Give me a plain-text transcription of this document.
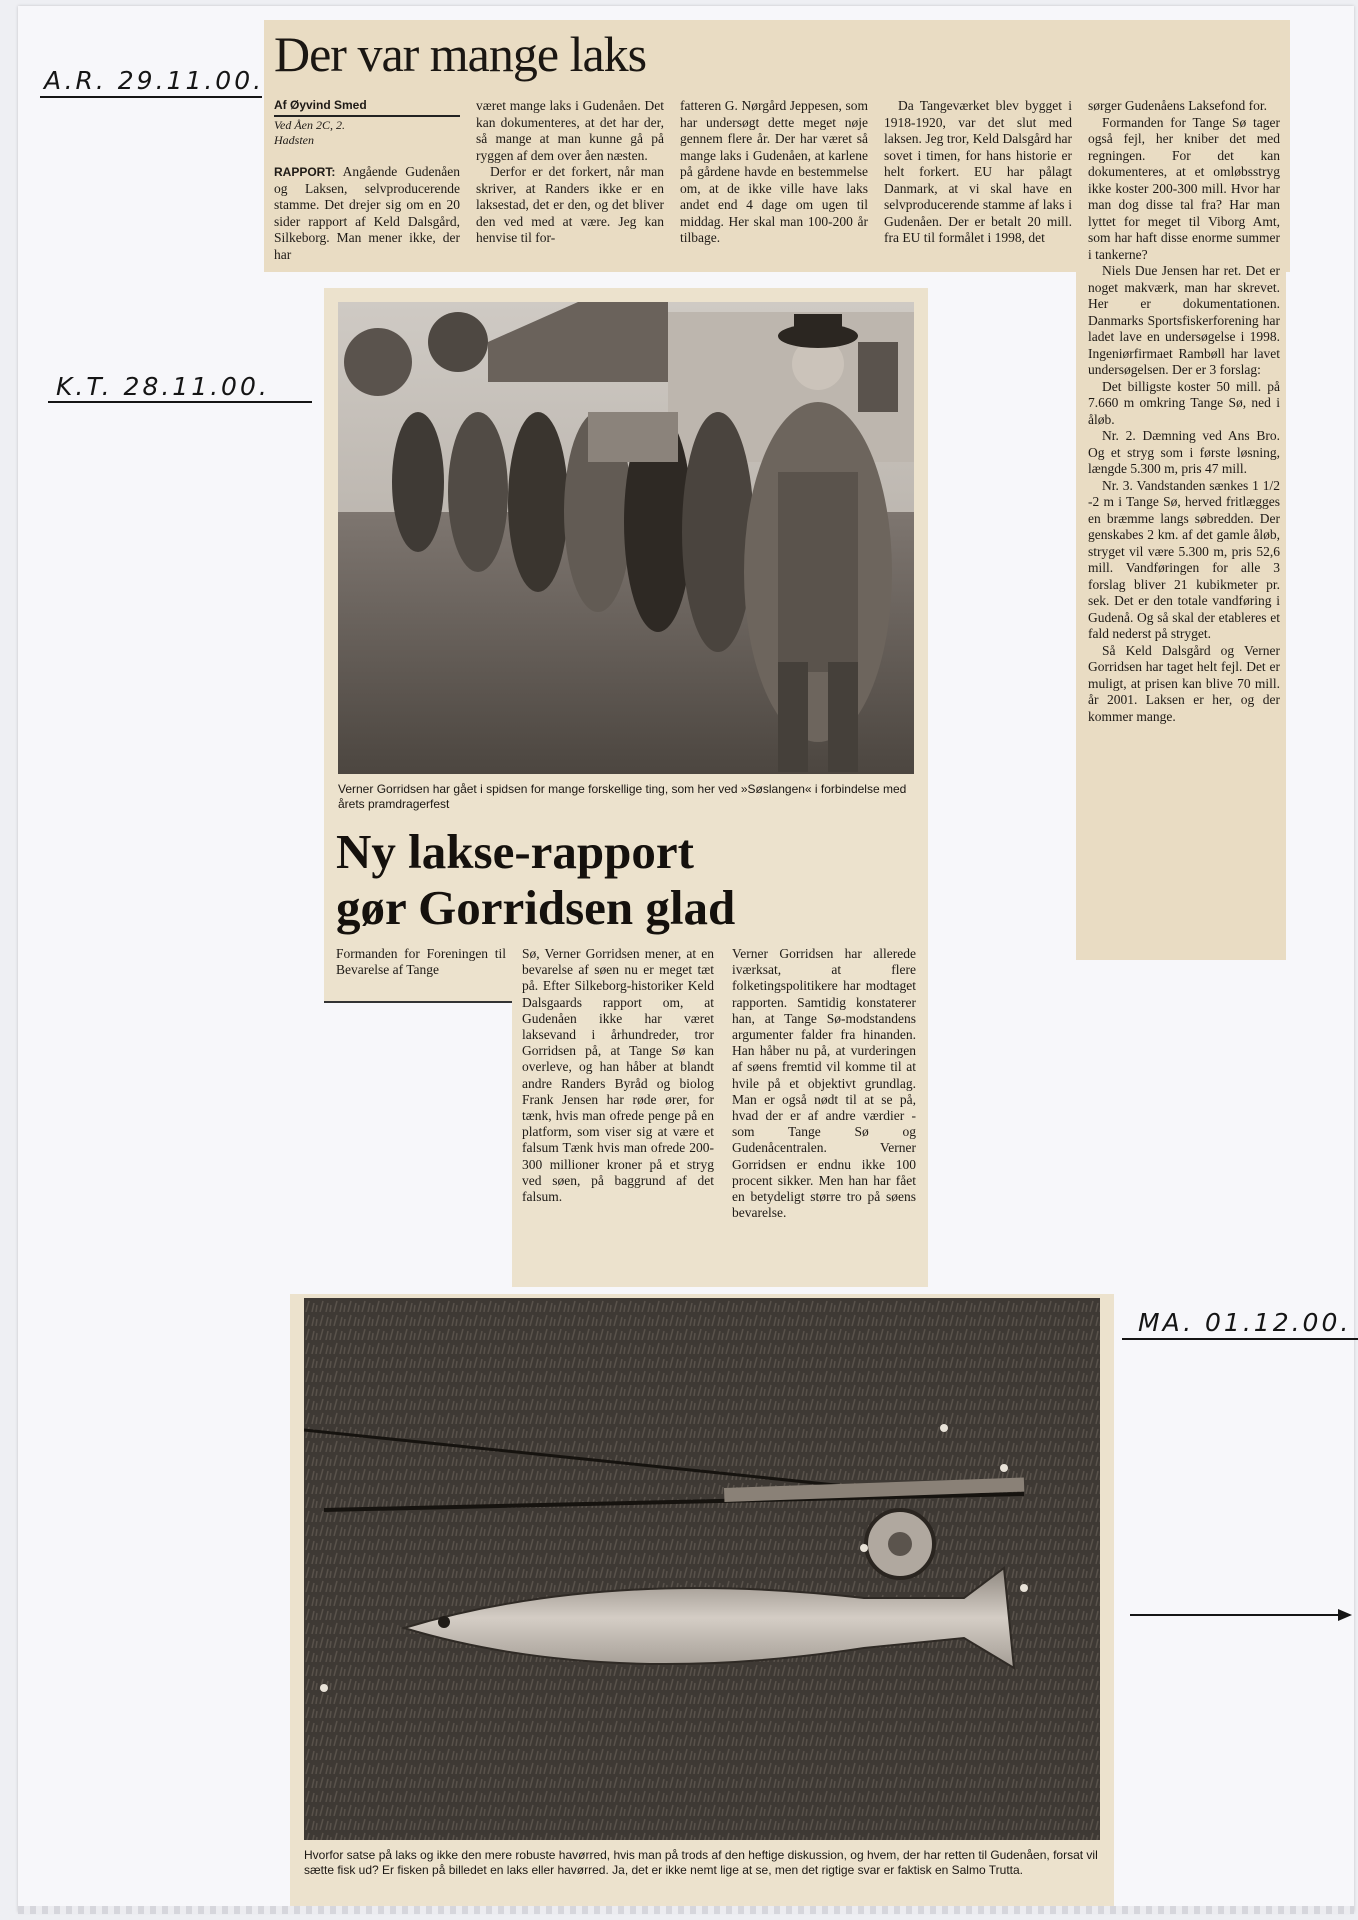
A.R. 29.11.00.
K.T. 28.11.00.
MA. 01.12.00.
Der var mange laks
Af Øyvind Smed
Ved Åen 2C, 2.
Hadsten

RAPPORT: Angående Gudenåen og Laksen, selvproducerende stamme. Det drejer sig om en 20 sider rapport af Keld Dalsgård, Silkeborg. Man mener ikke, der har

været mange laks i Gudenåen. Det kan dokumenteres, at det har der, så mange at man kunne gå på ryggen af dem over åen næsten.

Derfor er det forkert, når man skriver, at Randers ikke er en laksestad, det er den, og det bliver den ved med at være. Jeg kan henvise til for-

fatteren G. Nørgård Jeppesen, som har undersøgt dette meget nøje gennem flere år. Der har været så mange laks i Gudenåen, at karlene på gårdene havde en bestemmelse om, at de ikke ville have laks andet end 4 dage om ugen til middag. Her skal man 100-200 år tilbage.

Da Tangeværket blev bygget i 1918-1920, var det slut med laksen. Jeg tror, Keld Dalsgård har sovet i timen, for hans historie er helt forkert. EU har pålagt Danmark, at vi skal have en selvproducerende stamme af laks i Gudenåen. Der er betalt 20 mill. fra EU til formålet i 1998, det

sørger Gudenåens Laksefond for.

Formanden for Tange Sø tager også fejl, her kniber det med regningen. For det kan dokumenteres, at et omløbsstryg ikke koster 200-300 mill. Hvor har man dog disse tal fra? Har man lyttet for meget til Viborg Amt, som har haft disse enorme summer i tankerne?

Niels Due Jensen har ret. Det er noget makværk, man har skrevet. Her er dokumentationen. Danmarks Sportsfiskerforening har ladet lave en undersøgelse i 1998. Ingeniørfirmaet Rambøll har lavet undersøgelsen. Der er 3 forslag:

Det billigste koster 50 mill. på 7.660 m omkring Tange Sø, ned i åløb.

Nr. 2. Dæmning ved Ans Bro. Og et stryg som i første løsning, længde 5.300 m, pris 47 mill.

Nr. 3. Vandstanden sænkes 1 1/2 -2 m i Tange Sø, herved fritlægges en bræmme langs søbredden. Der genskabes 2 km. af det gamle åløb, stryget vil være 5.300 m, pris 52,6 mill. Vandføringen for alle 3 forslag bliver 21 kubikmeter pr. sek. Det er den totale vandføring i Gudenå. Og så skal der etableres et fald nederst på stryget.

Så Keld Dalsgård og Verner Gorridsen har taget helt fejl. Det er muligt, at prisen kan blive 70 mill. år 2001. Laksen er her, og der kommer mange.

Verner Gorridsen har gået i spidsen for mange forskellige ting, som her ved »Søslangen« i forbindelse med årets pramdragerfest
Ny lakse-rapport
gør Gorridsen glad

Formanden for Foreningen til Bevarelse af Tange

Sø, Verner Gorridsen mener, at en bevarelse af søen nu er meget tæt på. Efter Silkeborg-historiker Keld Dalsgaards rapport om, at Gudenåen ikke har været laksevand i århundreder, tror Gorridsen på, at Tange Sø kan overleve, og han håber at blandt andre Randers Byråd og biolog Frank Jensen har røde ører, for tænk, hvis man ofrede penge på en platform, som viser sig at være et falsum Tænk hvis man ofrede 200-300 millioner kroner på et stryg ved søen, på baggrund af det falsum.

Verner Gorridsen har allerede iværksat, at flere folketingspolitikere har modtaget rapporten. Samtidig konstaterer han, at Tange Sø-modstandens argumenter falder fra hinanden. Han håber nu på, at vurderingen af søens fremtid vil komme til at hvile på et objektivt grundlag. Man er også nødt til at se på, hvad der er af andre værdier - som Tange Sø og Gudenåcentralen. Verner Gorridsen er endnu ikke 100 procent sikker. Men han har fået en betydeligt større tro på søens bevarelse.

Hvorfor satse på laks og ikke den mere robuste havørred, hvis man på trods af den heftige diskussion, og hvem, der har retten til Gudenåen, forsat vil sætte fisk ud? Er fisken på billedet en laks eller havørred. Ja, det er ikke nemt lige at se, men det rigtige svar er faktisk en Salmo Trutta.
